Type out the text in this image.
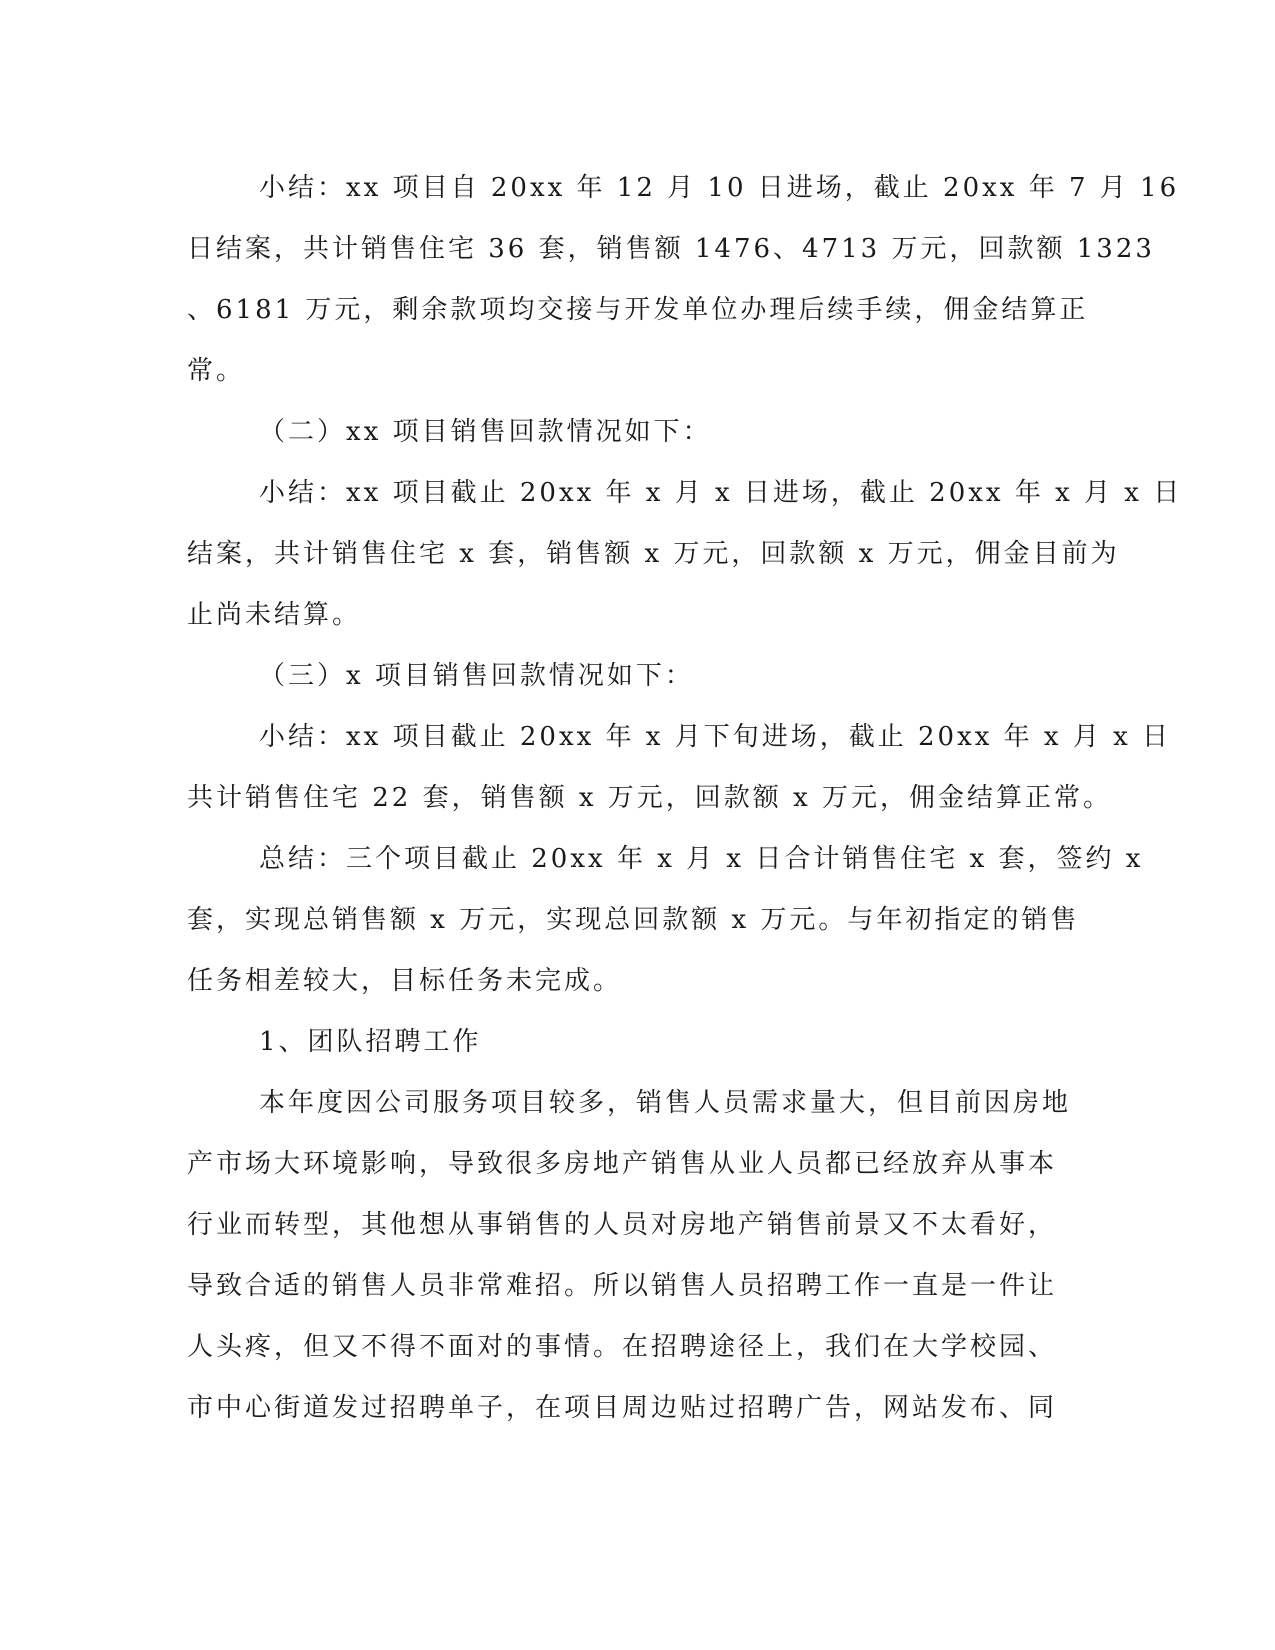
小结：xx 项目自 20xx 年 12 月 10 日进场，截止 20xx 年 7 月 16
日结案，共计销售住宅 36 套，销售额 1476、4713 万元，回款额 1323
、6181 万元，剩余款项均交接与开发单位办理后续手续，佣金结算正
常。
（二）xx 项目销售回款情况如下：
小结：xx 项目截止 20xx 年 x 月 x 日进场，截止 20xx 年 x 月 x 日
结案，共计销售住宅 x 套，销售额 x 万元，回款额 x 万元，佣金目前为
止尚未结算。
（三）x 项目销售回款情况如下：
小结：xx 项目截止 20xx 年 x 月下旬进场，截止 20xx 年 x 月 x 日
共计销售住宅 22 套，销售额 x 万元，回款额 x 万元，佣金结算正常。
总结：三个项目截止 20xx 年 x 月 x 日合计销售住宅 x 套，签约 x
套，实现总销售额 x 万元，实现总回款额 x 万元。与年初指定的销售
任务相差较大，目标任务未完成。
1、团队招聘工作
本年度因公司服务项目较多，销售人员需求量大，但目前因房地
产市场大环境影响，导致很多房地产销售从业人员都已经放弃从事本
行业而转型，其他想从事销售的人员对房地产销售前景又不太看好，
导致合适的销售人员非常难招。所以销售人员招聘工作一直是一件让
人头疼，但又不得不面对的事情。在招聘途径上，我们在大学校园、
市中心街道发过招聘单子，在项目周边贴过招聘广告，网站发布、同
